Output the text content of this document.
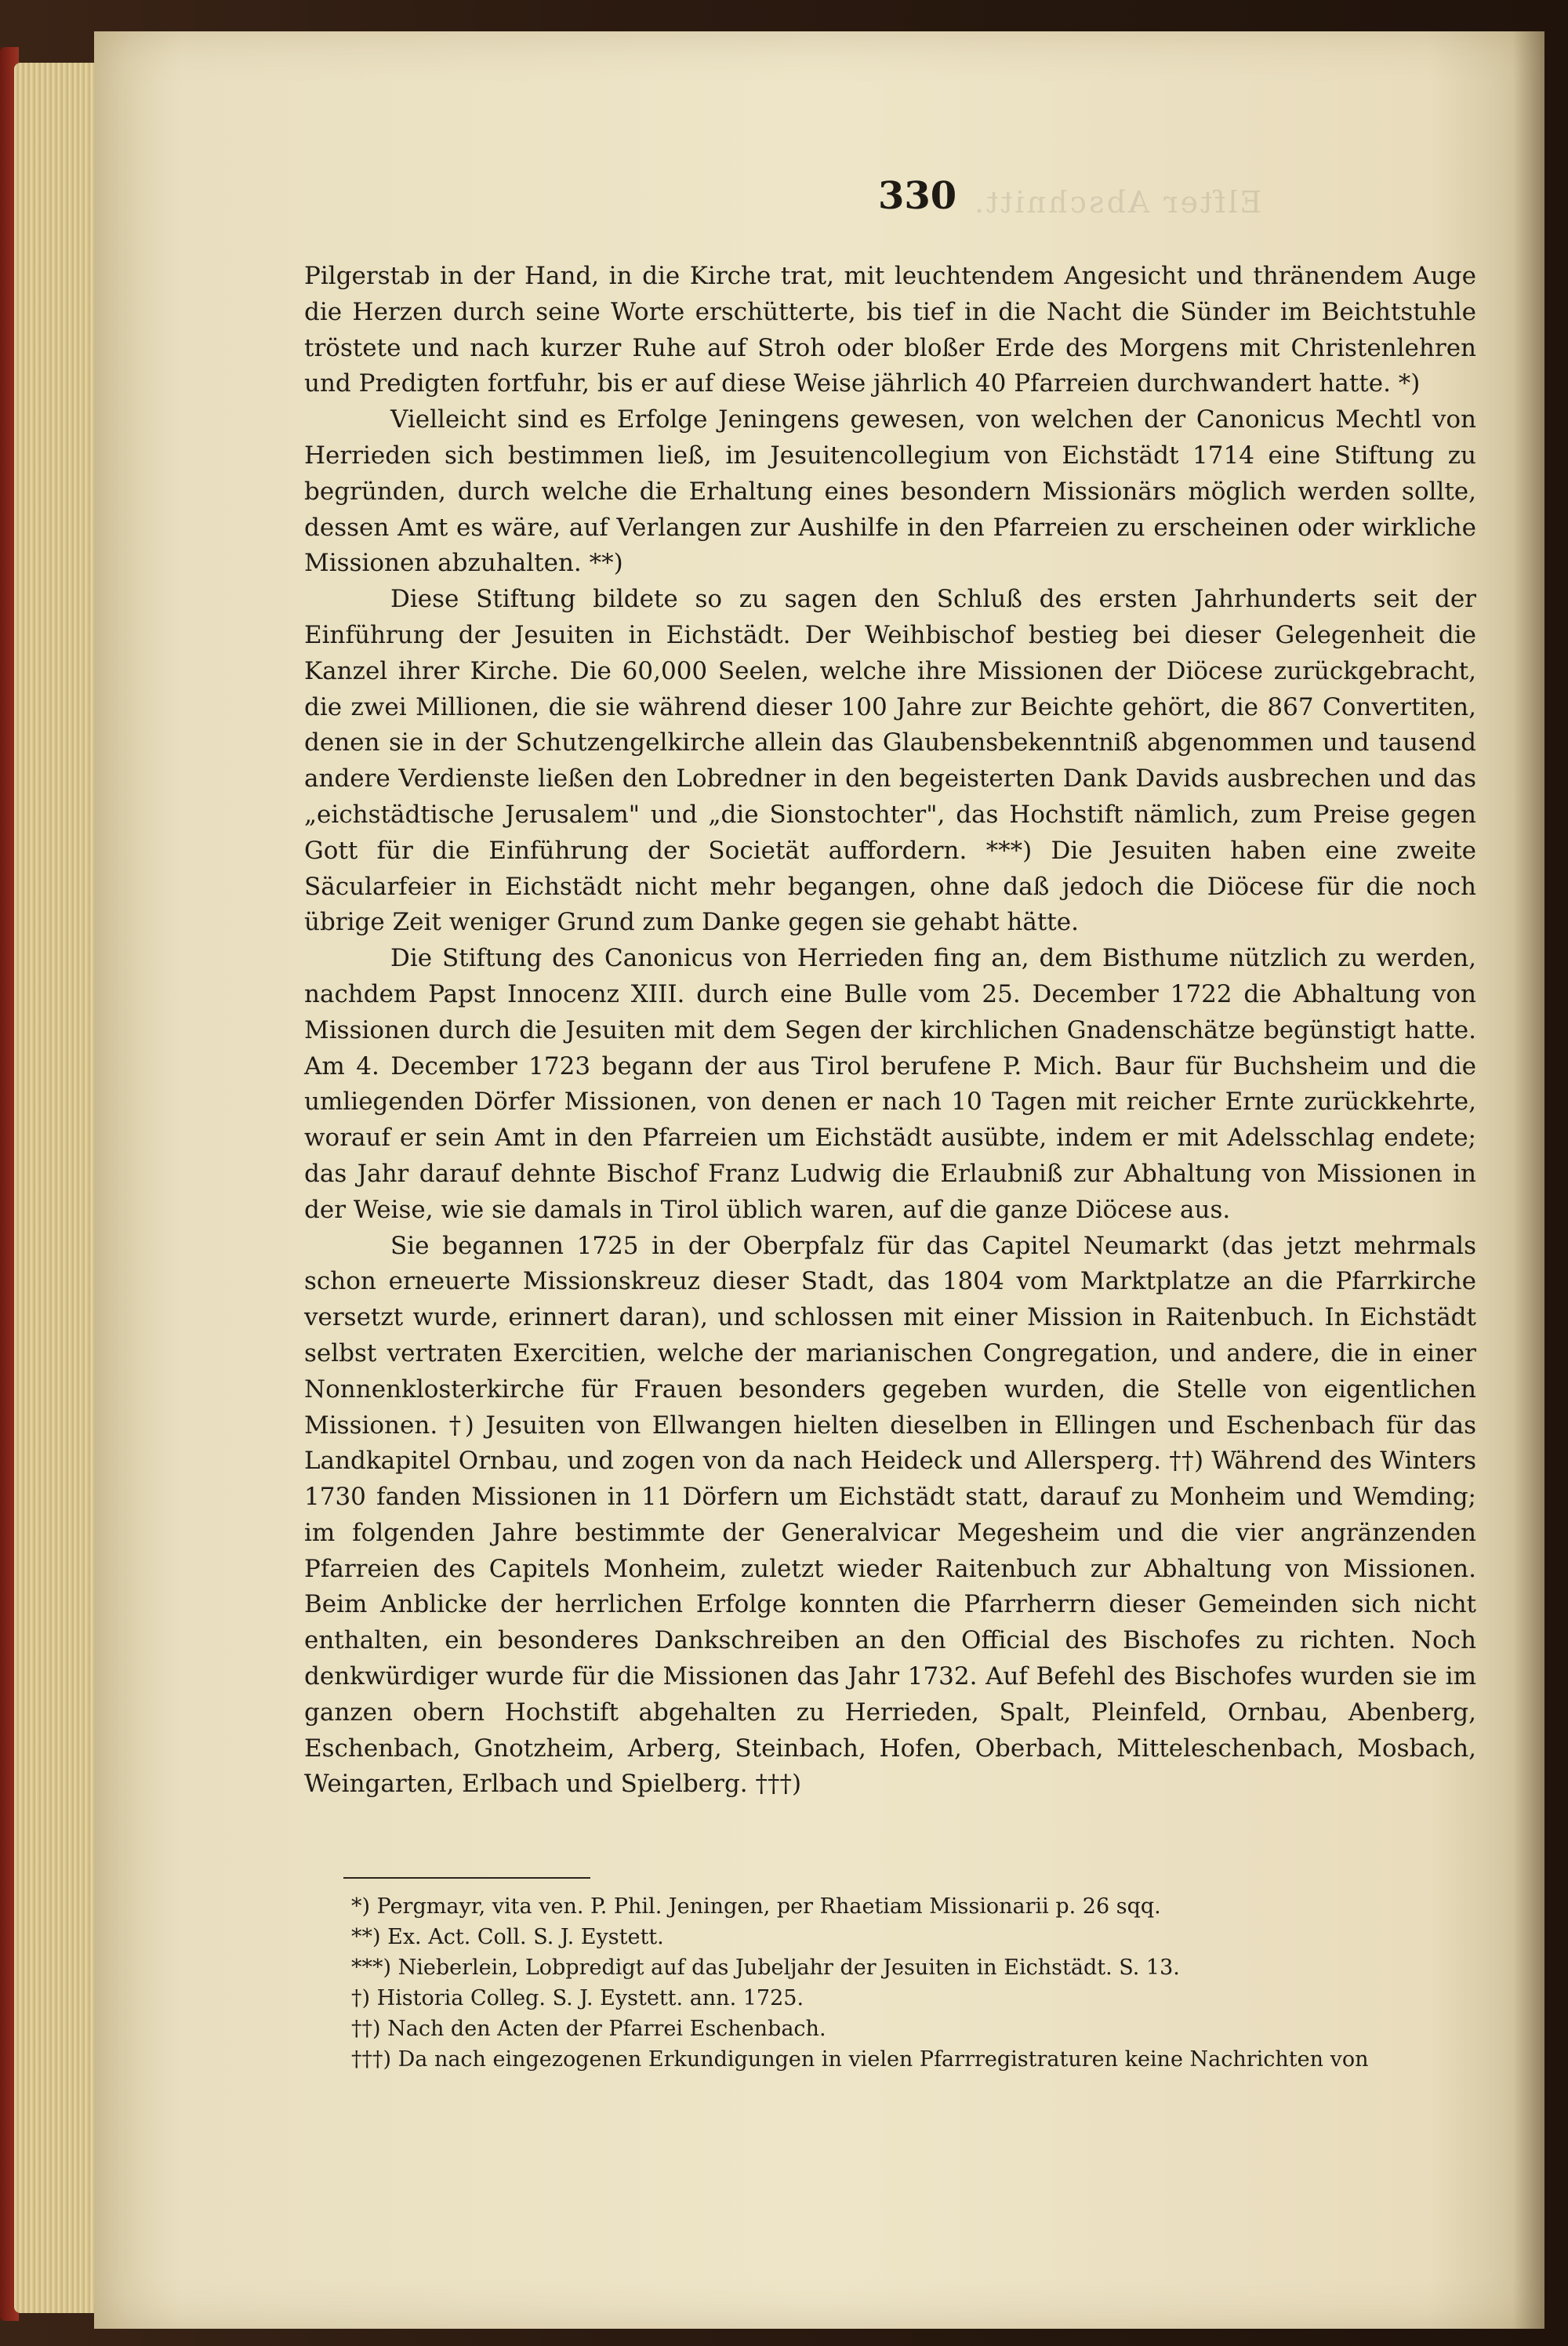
Elfter Abschnitt.
330

Pilgerstab in der Hand, in die Kirche trat, mit leuchtendem Angesicht und thränendem Auge die Herzen durch seine Worte erschütterte, bis tief in die Nacht die Sünder im Beichtstuhle tröstete und nach kurzer Ruhe auf Stroh oder bloßer Erde des Morgens mit Christenlehren und Predigten fortfuhr, bis er auf diese Weise jährlich 40 Pfarreien durchwandert hatte. *)

Vielleicht sind es Erfolge Jeningens gewesen, von welchen der Canonicus Mechtl von Herrieden sich bestimmen ließ, im Jesuitencollegium von Eichstädt 1714 eine Stiftung zu begründen, durch welche die Erhaltung eines besondern Missionärs möglich werden sollte, dessen Amt es wäre, auf Verlangen zur Aushilfe in den Pfarreien zu erscheinen oder wirkliche Missionen abzuhalten. **)

Diese Stiftung bildete so zu sagen den Schluß des ersten Jahrhunderts seit der Einführung der Jesuiten in Eichstädt. Der Weihbischof bestieg bei dieser Gelegenheit die Kanzel ihrer Kirche. Die 60,000 Seelen, welche ihre Missionen der Diöcese zurückgebracht, die zwei Millionen, die sie während dieser 100 Jahre zur Beichte gehört, die 867 Convertiten, denen sie in der Schutzengelkirche allein das Glaubensbekenntniß abgenommen und tausend andere Verdienste ließen den Lobredner in den begeisterten Dank Davids ausbrechen und das „eichstädtische Jerusalem" und „die Sionstochter", das Hochstift nämlich, zum Preise gegen Gott für die Einführung der Societät auffordern. ***) Die Jesuiten haben eine zweite Säcularfeier in Eichstädt nicht mehr begangen, ohne daß jedoch die Diöcese für die noch übrige Zeit weniger Grund zum Danke gegen sie gehabt hätte.

Die Stiftung des Canonicus von Herrieden fing an, dem Bisthume nützlich zu werden, nachdem Papst Innocenz XIII. durch eine Bulle vom 25. December 1722 die Abhaltung von Missionen durch die Jesuiten mit dem Segen der kirchlichen Gnadenschätze begünstigt hatte. Am 4. December 1723 begann der aus Tirol berufene P. Mich. Baur für Buchsheim und die umliegenden Dörfer Missionen, von denen er nach 10 Tagen mit reicher Ernte zurückkehrte, worauf er sein Amt in den Pfarreien um Eichstädt ausübte, indem er mit Adelsschlag endete; das Jahr darauf dehnte Bischof Franz Ludwig die Erlaubniß zur Abhaltung von Missionen in der Weise, wie sie damals in Tirol üblich waren, auf die ganze Diöcese aus.

Sie begannen 1725 in der Oberpfalz für das Capitel Neumarkt (das jetzt mehrmals schon erneuerte Missionskreuz dieser Stadt, das 1804 vom Marktplatze an die Pfarrkirche versetzt wurde, erinnert daran), und schlossen mit einer Mission in Raitenbuch. In Eichstädt selbst vertraten Exercitien, welche der marianischen Congregation, und andere, die in einer Nonnenklosterkirche für Frauen besonders gegeben wurden, die Stelle von eigentlichen Missionen. †) Jesuiten von Ellwangen hielten dieselben in Ellingen und Eschenbach für das Landkapitel Ornbau, und zogen von da nach Heideck und Allersperg. ††) Während des Winters 1730 fanden Missionen in 11 Dörfern um Eichstädt statt, darauf zu Monheim und Wemding; im folgenden Jahre bestimmte der Generalvicar Megesheim und die vier angränzenden Pfarreien des Capitels Monheim, zuletzt wieder Raitenbuch zur Abhaltung von Missionen. Beim Anblicke der herrlichen Erfolge konnten die Pfarrherrn dieser Gemeinden sich nicht enthalten, ein besonderes Dankschreiben an den Official des Bischofes zu richten. Noch denkwürdiger wurde für die Missionen das Jahr 1732. Auf Befehl des Bischofes wurden sie im ganzen obern Hochstift abgehalten zu Herrieden, Spalt, Pleinfeld, Ornbau, Abenberg, Eschenbach, Gnotzheim, Arberg, Steinbach, Hofen, Oberbach, Mitteleschenbach, Mosbach, Weingarten, Erlbach und Spielberg. †††)

*) Pergmayr, vita ven. P. Phil. Jeningen, per Rhaetiam Missionarii p. 26 sqq.
**) Ex. Act. Coll. S. J. Eystett.
***) Nieberlein, Lobpredigt auf das Jubeljahr der Jesuiten in Eichstädt. S. 13.
†) Historia Colleg. S. J. Eystett. ann. 1725.
††) Nach den Acten der Pfarrei Eschenbach.
†††) Da nach eingezogenen Erkundigungen in vielen Pfarrregistraturen keine Nachrichten von
